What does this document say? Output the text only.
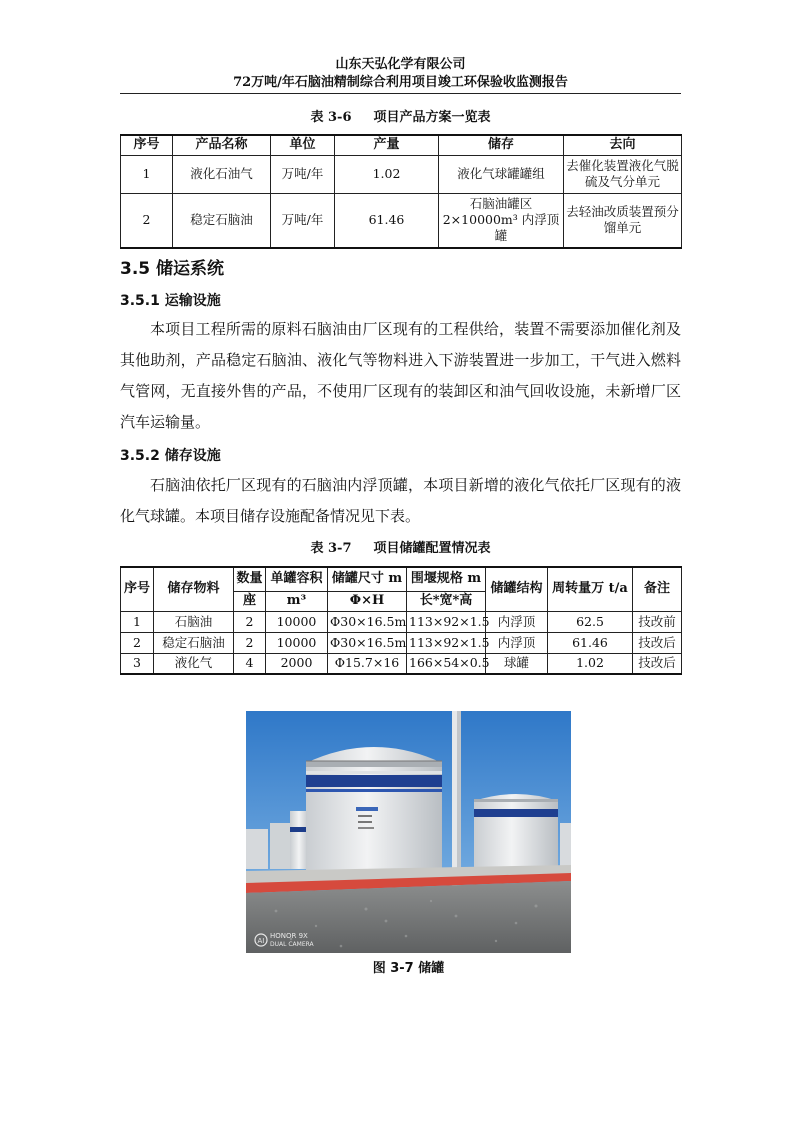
山东天弘化学有限公司
72万吨/年石脑油精制综合利用项目竣工环保验收监测报告
表 3-6 项目产品方案一览表
序号	产品名称	单位	产量	储存	去向
1	液化石油气	万吨/年	1.02	液化气球罐罐组	去催化装置液化气脱硫及气分单元
2	稳定石脑油	万吨/年	61.46	石脑油罐区 2×10000m³ 内浮顶罐	去轻油改质装置预分馏单元
3.5 储运系统
3.5.1 运输设施

本项目工程所需的原料石脑油由厂区现有的工程供给，装置不需要添加催化剂及其他助剂，产品稳定石脑油、液化气等物料进入下游装置进一步加工，干气进入燃料气管网，无直接外售的产品，不使用厂区现有的装卸区和油气回收设施，未新增厂区汽车运输量。

3.5.2 储存设施

石脑油依托厂区现有的石脑油内浮顶罐，本项目新增的液化气依托厂区现有的液化气球罐。本项目储存设施配备情况见下表。

表 3-7 项目储罐配置情况表
序号	储存物料	数量	单罐容积	储罐尺寸 m	围堰规格 m	储罐结构	周转量万 t/a	备注
		座	m³	Φ×H	长*宽*高			
1	石脑油	2	10000	Φ30×16.5m	113×92×1.5	内浮顶	62.5	技改前
2	稳定石脑油	2	10000	Φ30×16.5m	113×92×1.5	内浮顶	61.46	技改后
3	液化气	4	2000	Φ15.7×16	166×54×0.5	球罐	1.02	技改后
AI
HONOR 9X
DUAL CAMERA
图 3-7 储罐
